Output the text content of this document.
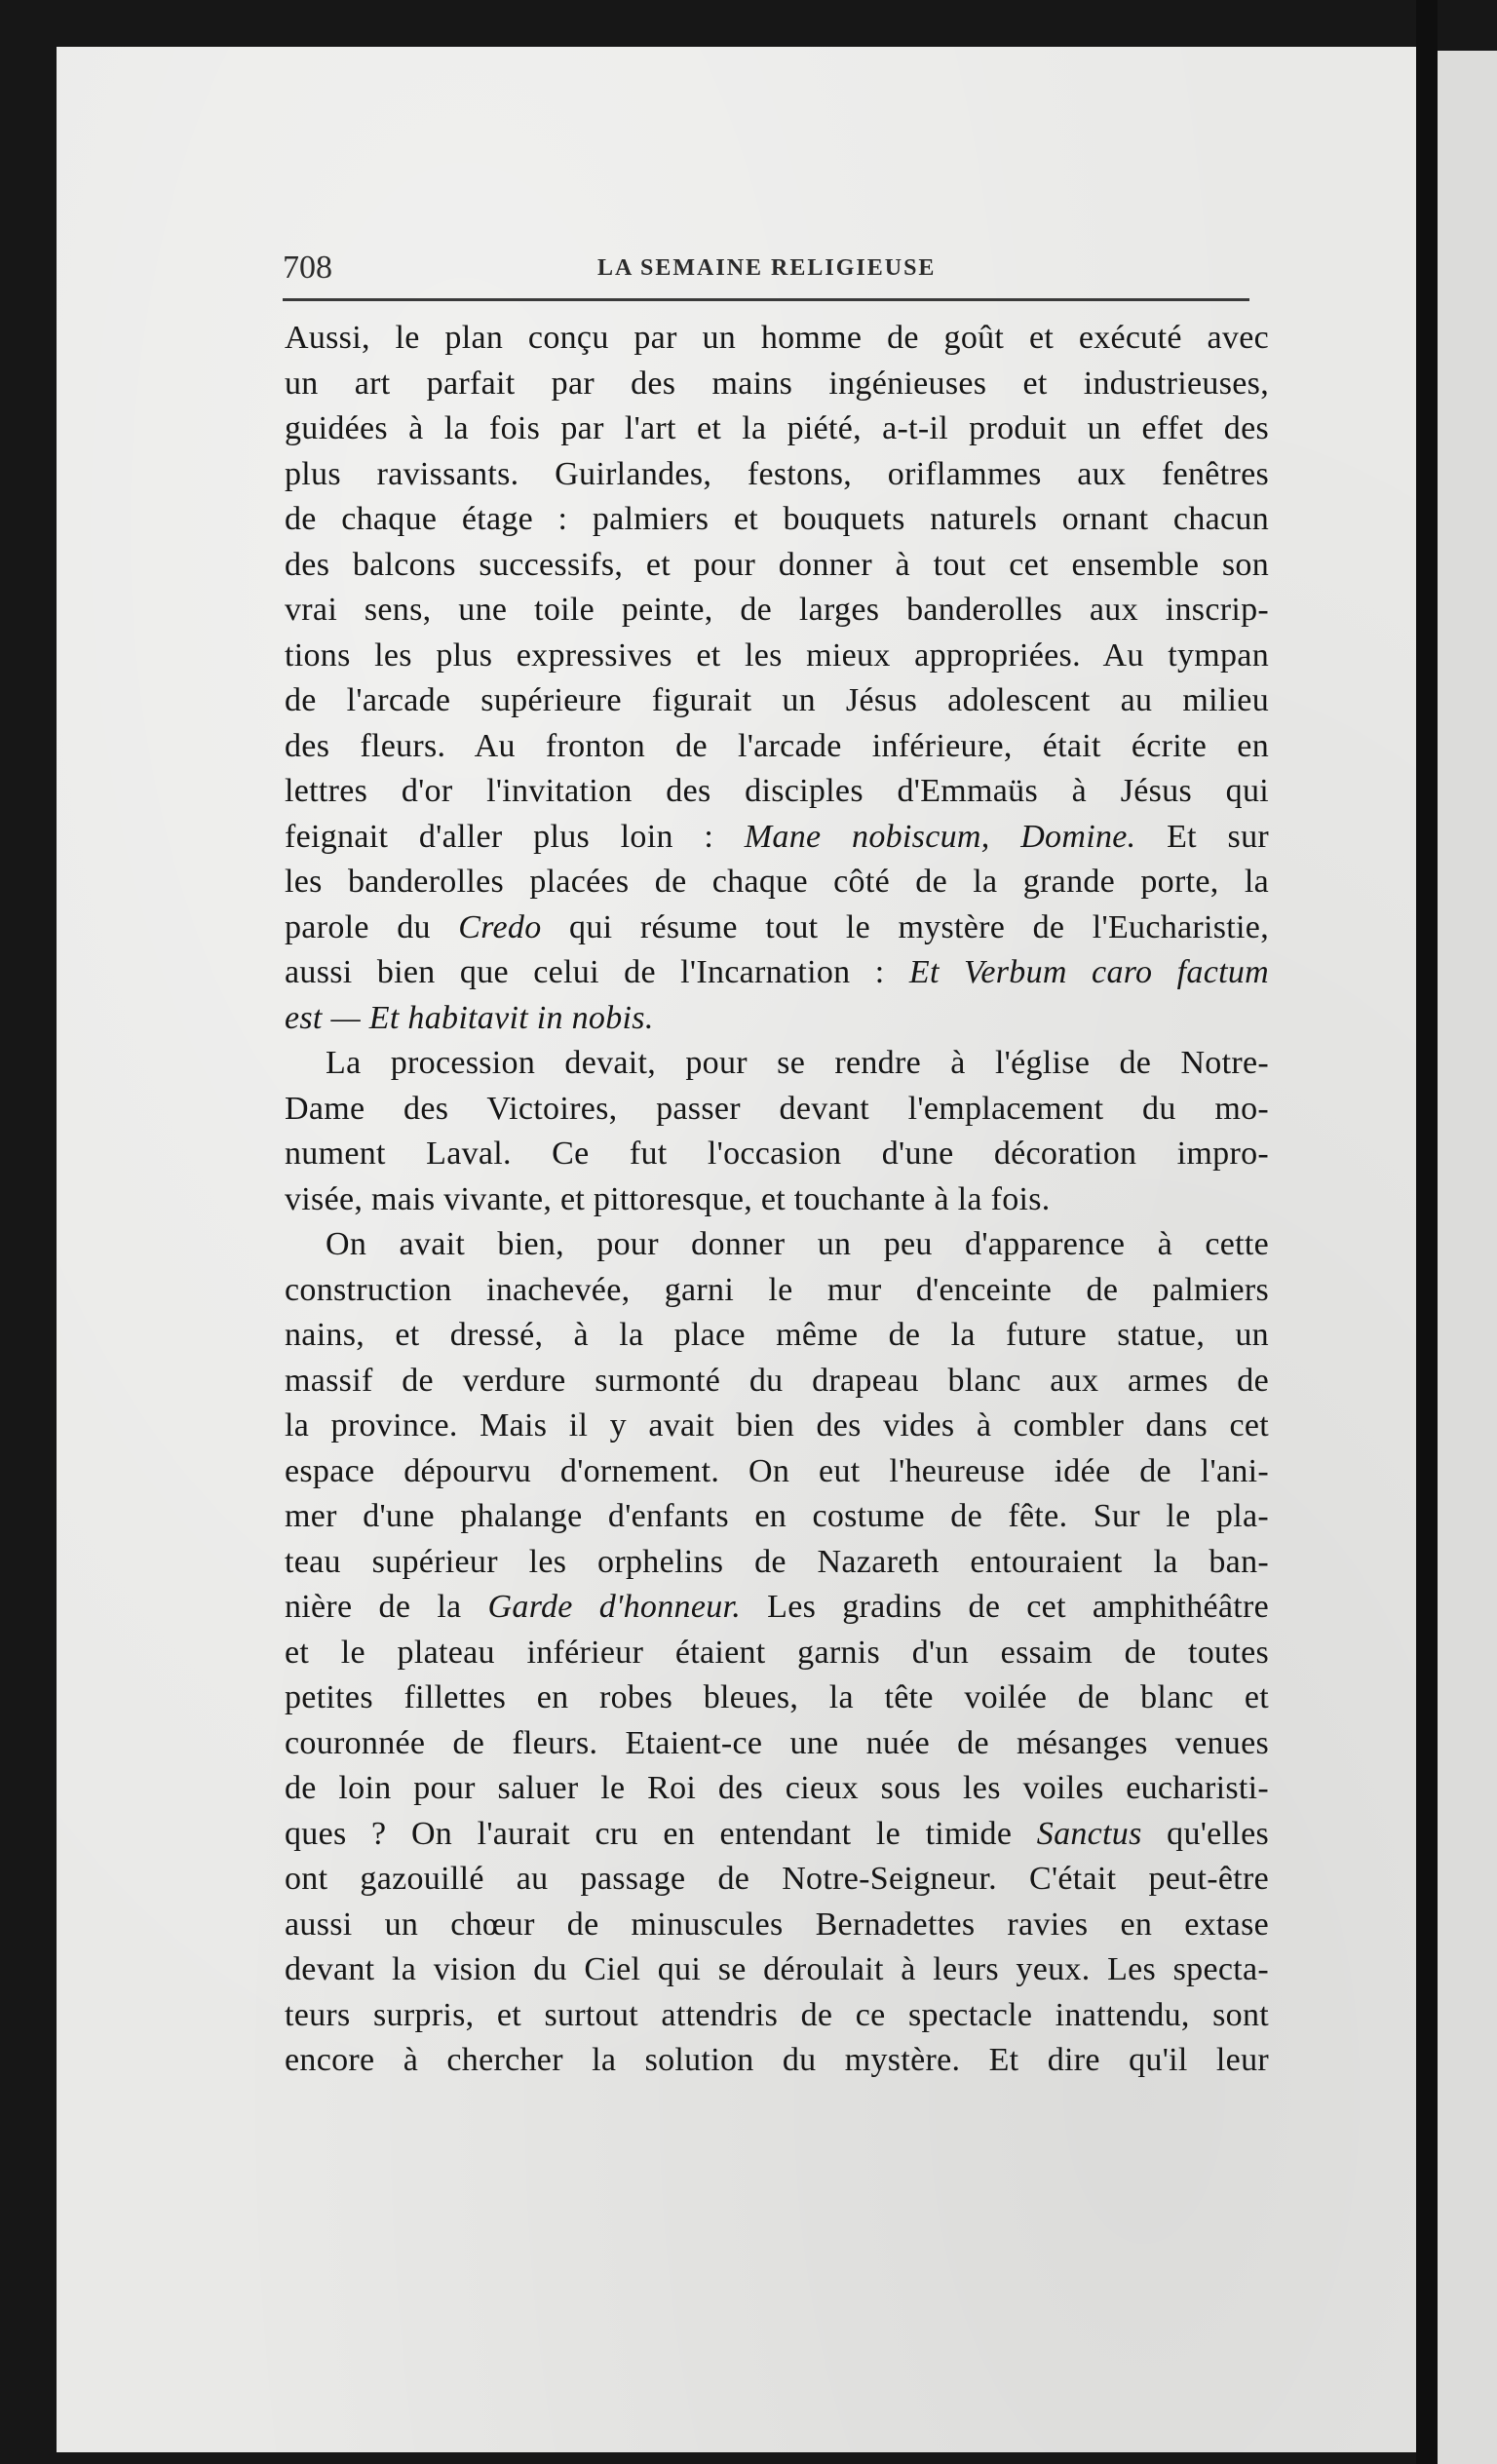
708	LA SEMAINE RELIGIEUSE
Aussi, le plan conçu par un homme de goût et exécuté avec
un art parfait par des mains ingénieuses et industrieuses,
guidées à la fois par l'art et la piété, a-t-il produit un effet des
plus ravissants. Guirlandes, festons, oriflammes aux fenêtres
de chaque étage : palmiers et bouquets naturels ornant chacun
des balcons successifs, et pour donner à tout cet ensemble son
vrai sens, une toile peinte, de larges banderolles aux inscrip-
tions les plus expressives et les mieux appropriées. Au tympan
de l'arcade supérieure figurait un Jésus adolescent au milieu
des fleurs. Au fronton de l'arcade inférieure, était écrite en
lettres d'or l'invitation des disciples d'Emmaüs à Jésus qui
feignait d'aller plus loin : Mane nobiscum, Domine. Et sur
les banderolles placées de chaque côté de la grande porte, la
parole du Credo qui résume tout le mystère de l'Eucharistie,
aussi bien que celui de l'Incarnation : Et Verbum caro factum
est — Et habitavit in nobis.
La procession devait, pour se rendre à l'église de Notre-
Dame des Victoires, passer devant l'emplacement du mo-
nument Laval. Ce fut l'occasion d'une décoration impro-
visée, mais vivante, et pittoresque, et touchante à la fois.
On avait bien, pour donner un peu d'apparence à cette
construction inachevée, garni le mur d'enceinte de palmiers
nains, et dressé, à la place même de la future statue, un
massif de verdure surmonté du drapeau blanc aux armes de
la province. Mais il y avait bien des vides à combler dans cet
espace dépourvu d'ornement. On eut l'heureuse idée de l'ani-
mer d'une phalange d'enfants en costume de fête. Sur le pla-
teau supérieur les orphelins de Nazareth entouraient la ban-
nière de la Garde d'honneur. Les gradins de cet amphithéâtre
et le plateau inférieur étaient garnis d'un essaim de toutes
petites fillettes en robes bleues, la tête voilée de blanc et
couronnée de fleurs. Etaient-ce une nuée de mésanges venues
de loin pour saluer le Roi des cieux sous les voiles eucharisti-
ques ? On l'aurait cru en entendant le timide Sanctus qu'elles
ont gazouillé au passage de Notre-Seigneur. C'était peut-être
aussi un chœur de minuscules Bernadettes ravies en extase
devant la vision du Ciel qui se déroulait à leurs yeux. Les specta-
teurs surpris, et surtout attendris de ce spectacle inattendu, sont
encore à chercher la solution du mystère. Et dire qu'il leur
